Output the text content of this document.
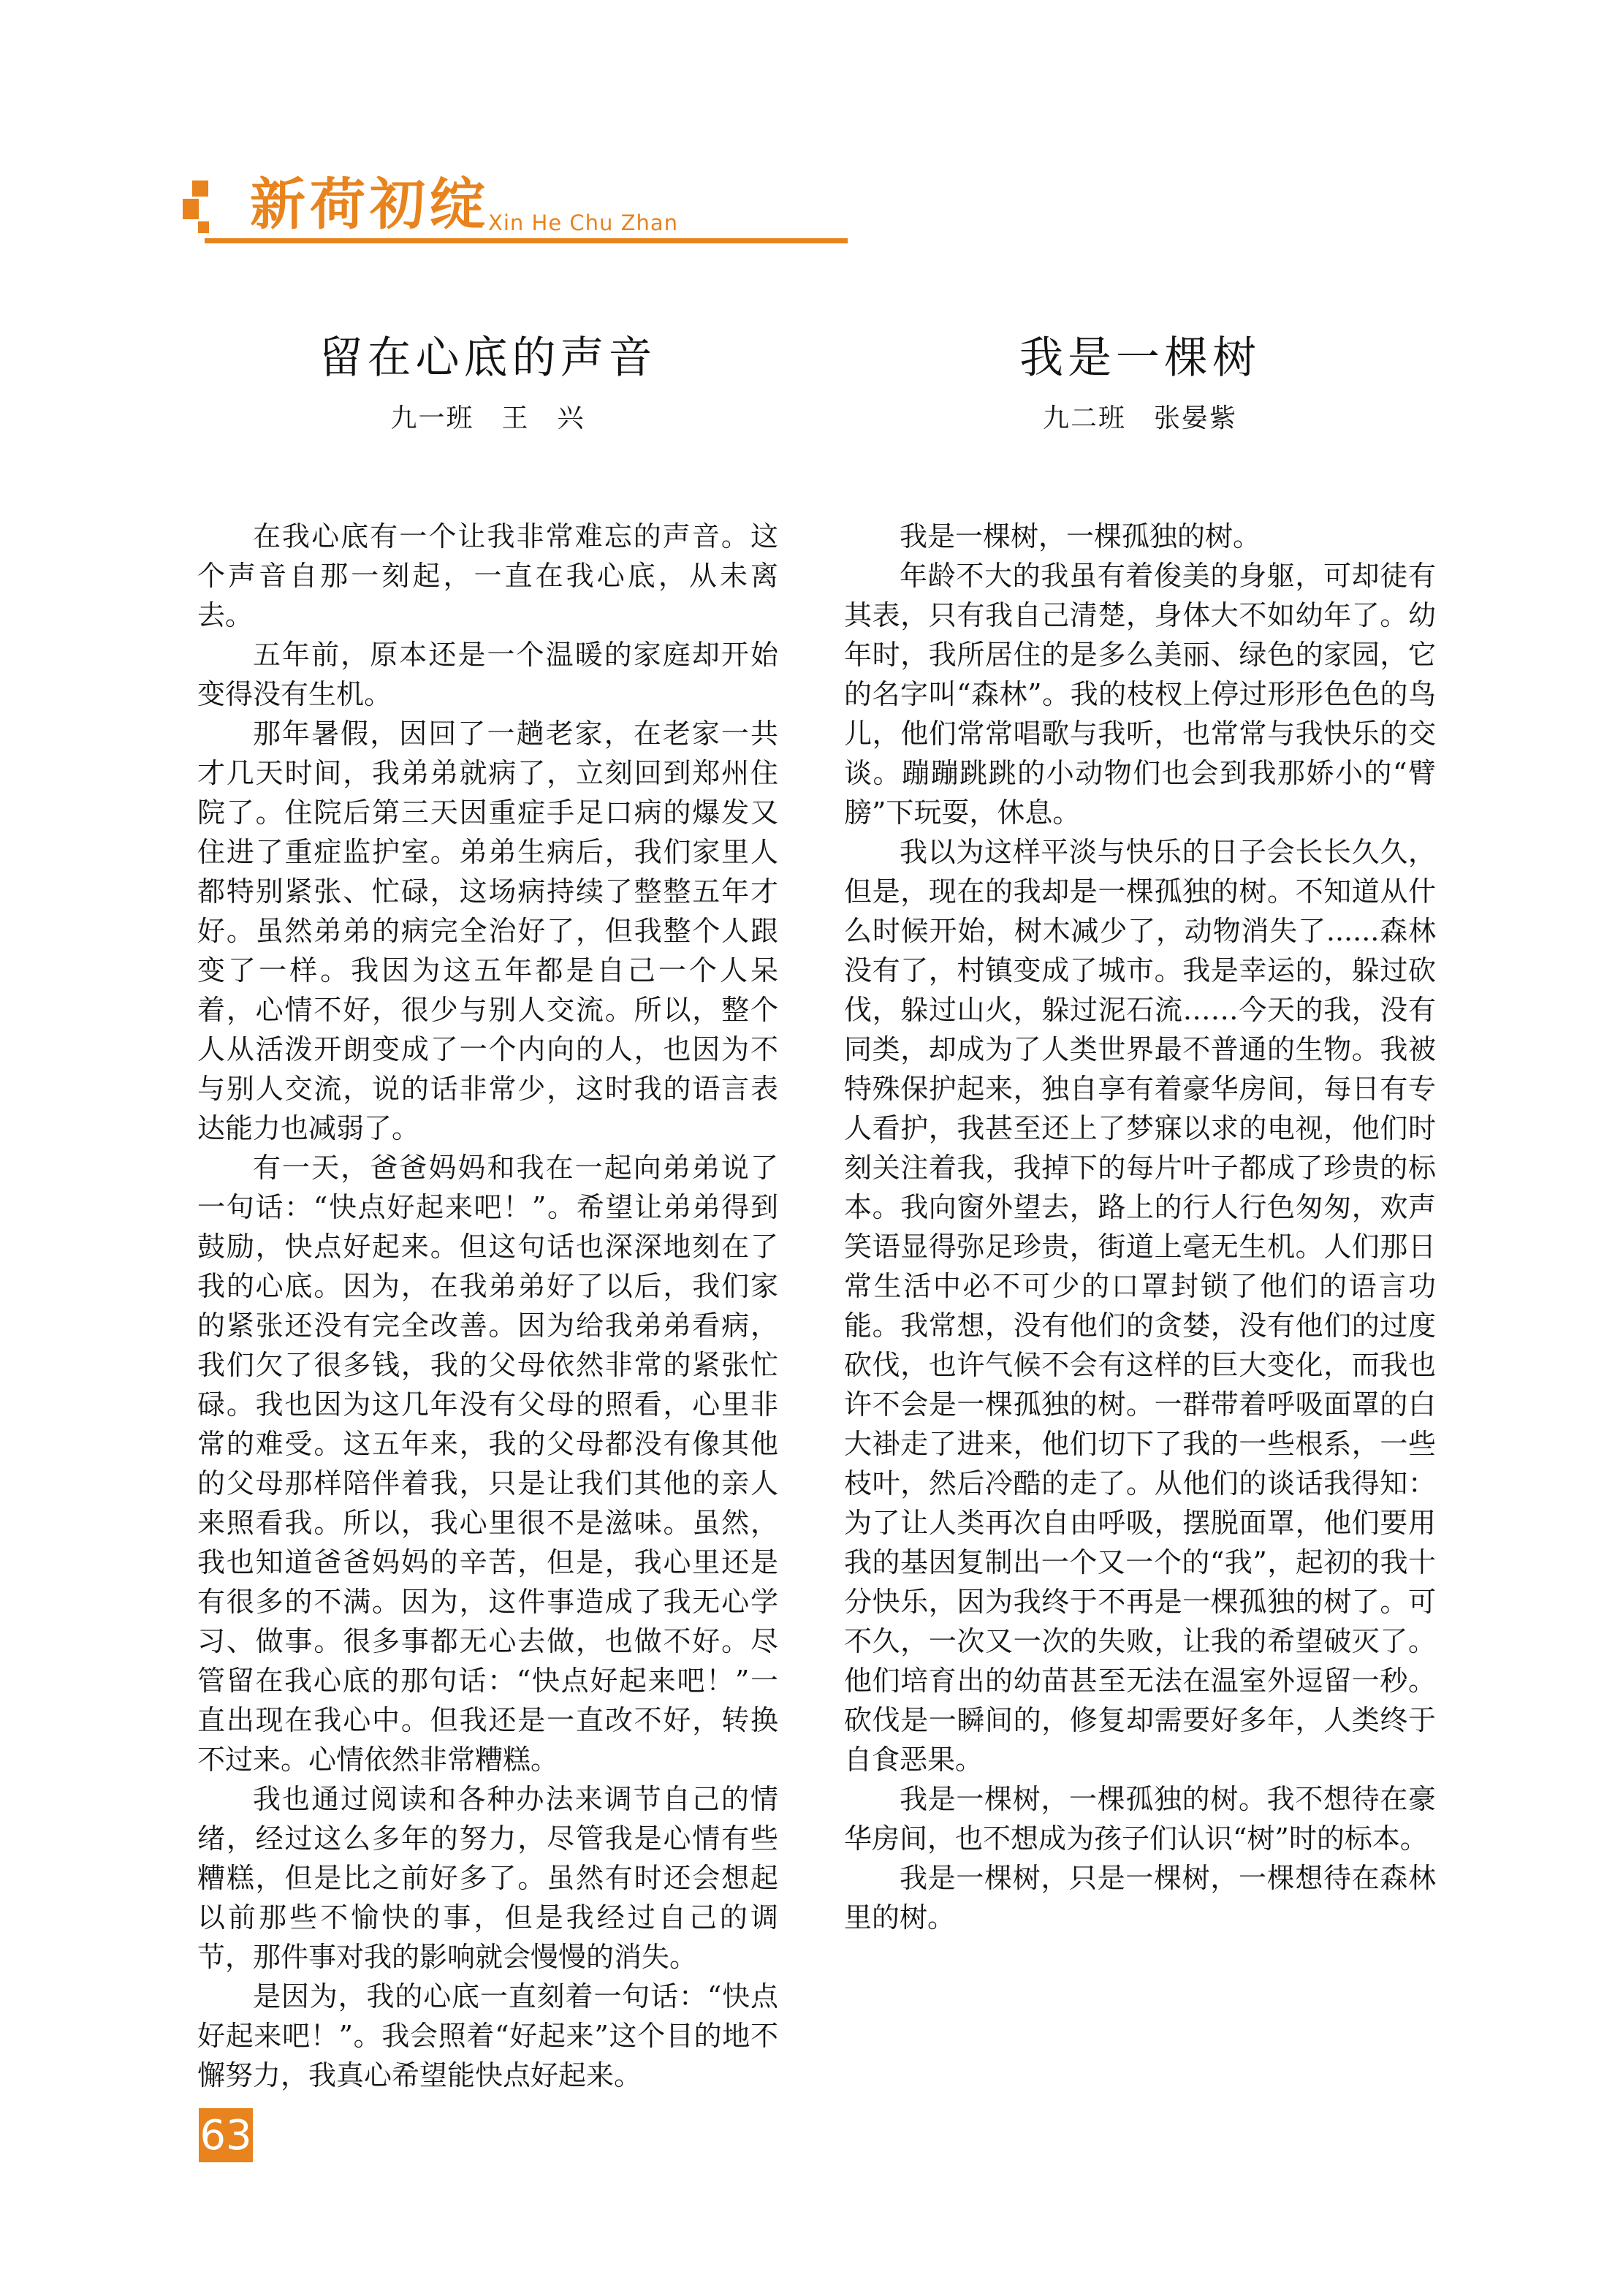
新荷初绽
Xin He Chu Zhan
留在心底的声音
九一班　王　兴

在我心底有一个让我非常难忘的声音。这个声音自那一刻起，一直在我心底，从未离去。

五年前，原本还是一个温暖的家庭却开始变得没有生机。

那年暑假，因回了一趟老家，在老家一共才几天时间，我弟弟就病了，立刻回到郑州住院了。住院后第三天因重症手足口病的爆发又住进了重症监护室。弟弟生病后，我们家里人都特别紧张、忙碌，这场病持续了整整五年才好。虽然弟弟的病完全治好了，但我整个人跟变了一样。我因为这五年都是自己一个人呆着，心情不好，很少与别人交流。所以，整个人从活泼开朗变成了一个内向的人，也因为不与别人交流，说的话非常少，这时我的语言表达能力也减弱了。

有一天，爸爸妈妈和我在一起向弟弟说了一句话：“快点好起来吧！”。希望让弟弟得到鼓励，快点好起来。但这句话也深深地刻在了我的心底。因为，在我弟弟好了以后，我们家的紧张还没有完全改善。因为给我弟弟看病，我们欠了很多钱，我的父母依然非常的紧张忙碌。我也因为这几年没有父母的照看，心里非常的难受。这五年来，我的父母都没有像其他的父母那样陪伴着我，只是让我们其他的亲人来照看我。所以，我心里很不是滋味。虽然，我也知道爸爸妈妈的辛苦，但是，我心里还是有很多的不满。因为，这件事造成了我无心学习、做事。很多事都无心去做，也做不好。尽管留在我心底的那句话：“快点好起来吧！”一直出现在我心中。但我还是一直改不好，转换不过来。心情依然非常糟糕。

我也通过阅读和各种办法来调节自己的情绪，经过这么多年的努力，尽管我是心情有些糟糕，但是比之前好多了。虽然有时还会想起以前那些不愉快的事，但是我经过自己的调节，那件事对我的影响就会慢慢的消失。

是因为，我的心底一直刻着一句话：“快点好起来吧！”。我会照着“好起来”这个目的地不懈努力，我真心希望能快点好起来。

我是一棵树
九二班　张晏紫

我是一棵树，一棵孤独的树。

年龄不大的我虽有着俊美的身躯，可却徒有其表，只有我自己清楚，身体大不如幼年了。幼年时，我所居住的是多么美丽、绿色的家园，它的名字叫“森林”。我的枝杈上停过形形色色的鸟儿，他们常常唱歌与我听，也常常与我快乐的交谈。蹦蹦跳跳的小动物们也会到我那娇小的“臂膀”下玩耍，休息。

我以为这样平淡与快乐的日子会长长久久，但是，现在的我却是一棵孤独的树。不知道从什么时候开始，树木减少了，动物消失了......森林没有了，村镇变成了城市。我是幸运的，躲过砍伐，躲过山火，躲过泥石流……今天的我，没有同类，却成为了人类世界最不普通的生物。我被特殊保护起来，独自享有着豪华房间，每日有专人看护，我甚至还上了梦寐以求的电视，他们时刻关注着我，我掉下的每片叶子都成了珍贵的标本。我向窗外望去，路上的行人行色匆匆，欢声笑语显得弥足珍贵，街道上毫无生机。人们那日常生活中必不可少的口罩封锁了他们的语言功能。我常想，没有他们的贪婪，没有他们的过度砍伐，也许气候不会有这样的巨大变化，而我也许不会是一棵孤独的树。一群带着呼吸面罩的白大褂走了进来，他们切下了我的一些根系，一些枝叶，然后冷酷的走了。从他们的谈话我得知：为了让人类再次自由呼吸，摆脱面罩，他们要用我的基因复制出一个又一个的“我”，起初的我十分快乐，因为我终于不再是一棵孤独的树了。可不久，一次又一次的失败，让我的希望破灭了。他们培育出的幼苗甚至无法在温室外逗留一秒。砍伐是一瞬间的，修复却需要好多年，人类终于自食恶果。

我是一棵树，一棵孤独的树。我不想待在豪华房间，也不想成为孩子们认识“树”时的标本。

我是一棵树，只是一棵树，一棵想待在森林里的树。

63
